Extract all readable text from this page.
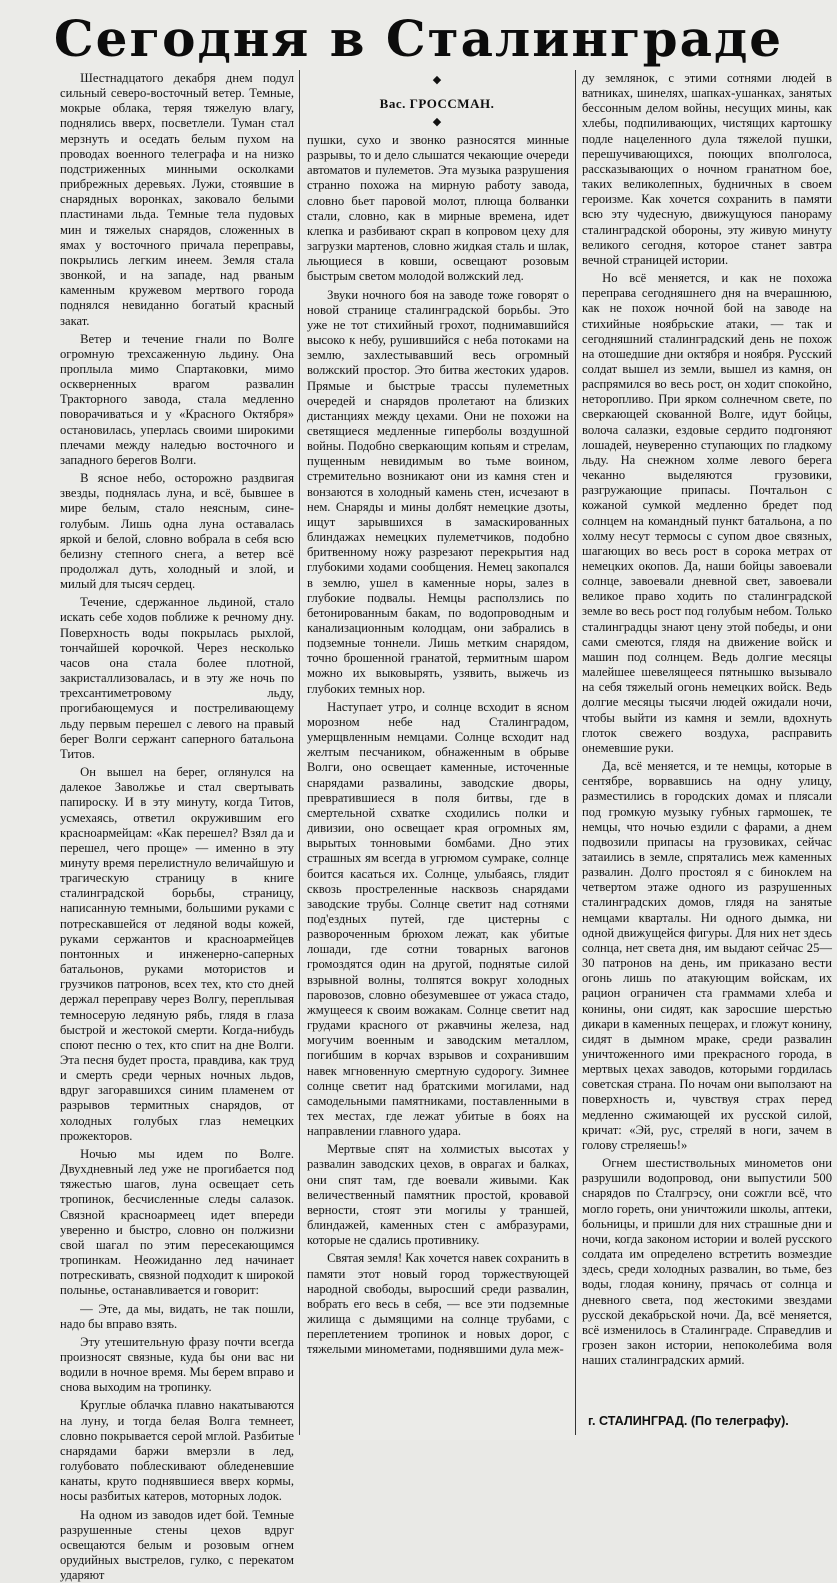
Сегодня в Сталинграде
◆
Вас. ГРОССМАН.
◆

Шестнадцатого декабря днем подул сильный северо-восточный ветер. Темные, мокрые облака, теряя тяжелую влагу, поднялись вверх, посветлели. Туман стал мерзнуть и оседать белым пухом на проводах военного телеграфа и на низко подстриженных минными осколками прибрежных деревьях. Лужи, стоявшие в снарядных воронках, заковало белыми пластинами льда. Темные тела пудовых мин и тяжелых снарядов, сложенных в ямах у восточного причала переправы, покрылись легким инеем. Земля стала звонкой, и на западе, над рваным каменным кружевом мертвого города поднялся невиданно богатый красный закат.

Ветер и течение гнали по Волге огромную трехсаженную льдину. Она проплыла мимо Спартаковки, мимо оскверненных врагом развалин Тракторного завода, стала медленно поворачиваться и у «Красного Октября» остановилась, уперлась своими широкими плечами между наледью восточного и западного берегов Волги.

В ясное небо, осторожно раздвигая звезды, поднялась луна, и всё, бывшее в мире белым, стало неясным, сине-голубым. Лишь одна луна оставалась яркой и белой, словно вобрала в себя всю белизну степного снега, а ветер всё продолжал дуть, холодный и злой, и милый для тысяч сердец.

Течение, сдержанное льдиной, стало искать себе ходов поближе к речному дну. Поверхность воды покрылась рыхлой, тончайшей корочкой. Через несколько часов она стала более плотной, закристаллизовалась, и в эту же ночь по трехсантиметровому льду, прогибающемуся и постреливающему льду первым перешел с левого на правый берег Волги сержант саперного батальона Титов.

Он вышел на берег, оглянулся на далекое Заволжье и стал свертывать папироску. И в эту минуту, когда Титов, усмехаясь, ответил окружившим его красноармейцам: «Как перешел? Взял да и перешел, чего проще» — именно в эту минуту время перелистнуло величайшую и трагическую страницу в книге сталинградской борьбы, страницу, написанную темными, большими руками с потрескавшейся от ледяной воды кожей, руками сержантов и красноармейцев понтонных и инженерно-саперных батальонов, руками мотористов и грузчиков патронов, всех тех, кто сто дней держал переправу через Волгу, переплывая темносерую ледяную рябь, глядя в глаза быстрой и жестокой смерти. Когда-нибудь споют песню о тех, кто спит на дне Волги. Эта песня будет проста, правдива, как труд и смерть среди черных ночных льдов, вдруг загоравшихся синим пламенем от разрывов термитных снарядов, от холодных голубых глаз немецких прожекторов.

Ночью мы идем по Волге. Двухдневный лед уже не прогибается под тяжестью шагов, луна освещает сеть тропинок, бесчисленные следы салазок. Связной красноармеец идет впереди уверенно и быстро, словно он полжизни свой шагал по этим пересекающимся тропинкам. Неожиданно лед начинает потрескивать, связной подходит к широкой полынье, останавливается и говорит:

— Эте, да мы, видать, не так пошли, надо бы вправо взять.

Эту утешительную фразу почти всегда произносят связные, куда бы они вас ни водили в ночное время. Мы берем вправо и снова выходим на тропинку.

Круглые облачка плавно накатываются на луну, и тогда белая Волга темнеет, словно покрывается серой мглой. Разбитые снарядами баржи вмерзли в лед, голубовато поблескивают обледеневшие канаты, круто поднявшиеся вверх кормы, носы разбитых катеров, моторных лодок.

На одном из заводов идет бой. Темные разрушенные стены цехов вдруг освещаются белым и розовым огнем орудийных выстрелов, гулко, с перекатом ударяют

пушки, сухо и звонко разносятся минные разрывы, то и дело слышатся чекающие очереди автоматов и пулеметов. Эта музыка разрушения странно похожа на мирную работу завода, словно бьет паровой молот, плюща болванки стали, словно, как в мирные времена, идет клепка и разбивают скрап в копровом цеху для загрузки мартенов, словно жидкая сталь и шлак, льющиеся в ковши, освещают розовым быстрым светом молодой волжский лед.

Звуки ночного боя на заводе тоже говорят о новой странице сталинградской борьбы. Это уже не тот стихийный грохот, поднимавшийся высоко к небу, рушившийся с неба потоками на землю, захлестывавший весь огромный волжский простор. Это битва жестоких ударов. Прямые и быстрые трассы пулеметных очередей и снарядов пролетают на близких дистанциях между цехами. Они не похожи на светящиеся медленные гиперболы воздушной войны. Подобно сверкающим копьям и стрелам, пущенным невидимым во тьме воином, стремительно возникают они из камня стен и вонзаются в холодный камень стен, исчезают в нем. Снаряды и мины долбят немецкие дзоты, ищут зарывшихся в замаскированных блиндажах немецких пулеметчиков, подобно бритвенному ножу разрезают перекрытия над глубокими ходами сообщения. Немец закопался в землю, ушел в каменные норы, залез в глубокие подвалы. Немцы расползлись по бетонированным бакам, по водопроводным и канализационным колодцам, они забрались в подземные тоннели. Лишь метким снарядом, точно брошенной гранатой, термитным шаром можно их выковырять, узявить, выжечь из глубоких темных нор.

Наступает утро, и солнце всходит в ясном морозном небе над Сталинградом, умерщвленным немцами. Солнце всходит над желтым песчаником, обнаженным в обрыве Волги, оно освещает каменные, источенные снарядами развалины, заводские дворы, превратившиеся в поля битвы, где в смертельной схватке сходились полки и дивизии, оно освещает края огромных ям, вырытых тонновыми бомбами. Дно этих страшных ям всегда в угрюмом сумраке, солнце боится касаться их. Солнце, улыбаясь, глядит сквозь простреленные насквозь снарядами заводские трубы. Солнце светит над сотнями под'ездных путей, где цистерны с развороченным брюхом лежат, как убитые лошади, где сотни товарных вагонов громоздятся один на другой, поднятые силой взрывной волны, толпятся вокруг холодных паровозов, словно обезумевшее от ужаса стадо, жмущееся к своим вожакам. Солнце светит над грудами красного от ржавчины железа, над могучим военным и заводским металлом, погибшим в корчах взрывов и сохранившим навек мгновенную смертную судорогу. Зимнее солнце светит над братскими могилами, над самодельными памятниками, поставленными в тех местах, где лежат убитые в боях на направлении главного удара.

Мертвые спят на холмистых высотах у развалин заводских цехов, в оврагах и балках, они спят там, где воевали живыми. Как величественный памятник простой, кровавой верности, стоят эти могилы у траншей, блиндажей, каменных стен с амбразурами, которые не сдались противнику.

Святая земля! Как хочется навек сохранить в памяти этот новый город торжествующей народной свободы, выросший среди развалин, вобрать его весь в себя, — все эти подземные жилища с дымящими на солнце трубами, с переплетением тропинок и новых дорог, с тяжелыми минометами, поднявшими дула меж-

ду землянок, с этими сотнями людей в ватниках, шинелях, шапках-ушанках, занятых бессонным делом войны, несущих мины, как хлебы, подпиливающих, чистящих картошку подле нацеленного дула тяжелой пушки, перешучивающихся, поющих вполголоса, рассказывающих о ночном гранатном бое, таких великолепных, будничных в своем героизме. Как хочется сохранить в памяти всю эту чудесную, движущуюся панораму сталинградской обороны, эту живую минуту великого сегодня, которое станет завтра вечной страницей истории.

Но всё меняется, и как не похожа переправа сегодняшнего дня на вчерашнюю, как не похож ночной бой на заводе на стихийные ноябрьские атаки, — так и сегодняшний сталинградский день не похож на отошедшие дни октября и ноября. Русский солдат вышел из земли, вышел из камня, он распрямился во весь рост, он ходит спокойно, неторопливо. При ярком солнечном свете, по сверкающей скованной Волге, идут бойцы, волоча салазки, ездовые сердито подгоняют лошадей, неуверенно ступающих по гладкому льду. На снежном холме левого берега чеканно выделяются грузовики, разгружающие припасы. Почтальон с кожаной сумкой медленно бредет под солнцем на командный пункт батальона, а по холму несут термосы с супом двое связных, шагающих во весь рост в сорока метрах от немецких окопов. Да, наши бойцы завоевали солнце, завоевали дневной свет, завоевали великое право ходить по сталинградской земле во весь рост под голубым небом. Только сталинградцы знают цену этой победы, и они сами смеются, глядя на движение войск и машин под солнцем. Ведь долгие месяцы малейшее шевелящееся пятнышко вызывало на себя тяжелый огонь немецких войск. Ведь долгие месяцы тысячи людей ожидали ночи, чтобы выйти из камня и земли, вдохнуть глоток свежего воздуха, расправить онемевшие руки.

Да, всё меняется, и те немцы, которые в сентябре, ворвавшись на одну улицу, разместились в городских домах и плясали под громкую музыку губных гармошек, те немцы, что ночью ездили с фарами, а днем подвозили припасы на грузовиках, сейчас затаились в земле, спрятались меж каменных развалин. Долго простоял я с биноклем на четвертом этаже одного из разрушенных сталинградских домов, глядя на занятые немцами кварталы. Ни одного дымка, ни одной движущейся фигуры. Для них нет здесь солнца, нет света дня, им выдают сейчас 25—30 патронов на день, им приказано вести огонь лишь по атакующим войскам, их рацион ограничен ста граммами хлеба и конины, они сидят, как заросшие шерстью дикари в каменных пещерах, и гложут конину, сидят в дымном мраке, среди развалин уничтоженного ими прекрасного города, в мертвых цехах заводов, которыми гордилась советская страна. По ночам они выползают на поверхность и, чувствуя страх перед медленно сжимающей их русской силой, кричат: «Эй, рус, стреляй в ноги, зачем в голову стреляешь!»

Огнем шестиствольных минометов они разрушили водопровод, они выпустили 500 снарядов по Сталгрэсу, они сожгли всё, что могло гореть, они уничтожили школы, аптеки, больницы, и пришли для них страшные дни и ночи, когда законом истории и волей русского солдата им определено встретить возмездие здесь, среди холодных развалин, во тьме, без воды, глодая конину, прячась от солнца и дневного света, под жестокими звездами русской декабрьской ночи. Да, всё меняется, всё изменилось в Сталинграде. Справедлив и грозен закон истории, непоколебима воля наших сталинградских армий.

г. СТАЛИНГРАД. (По телеграфу).
